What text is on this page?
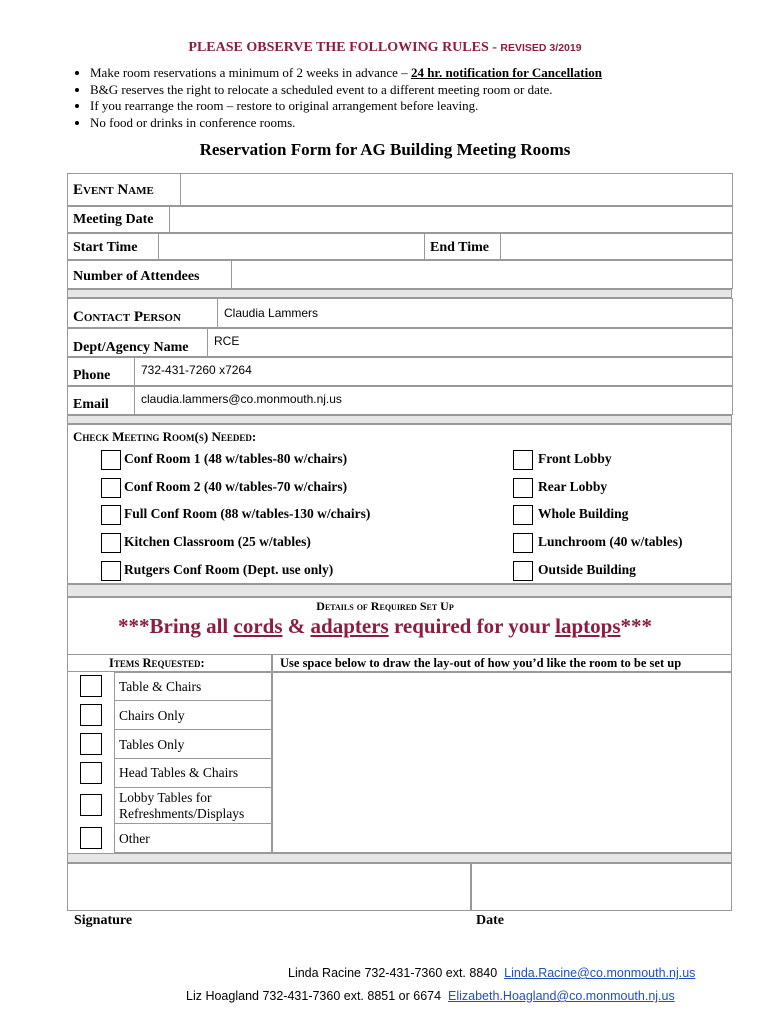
PLEASE OBSERVE THE FOLLOWING RULES - REVISED 3/2019
• Make room reservations a minimum of 2 weeks in advance – 24 hr. notification for Cancellation
• B&G reserves the right to relocate a scheduled event to a different meeting room or date.
• If you rearrange the room – restore to original arrangement before leaving.
• No food or drinks in conference rooms.
Reservation Form for AG Building Meeting Rooms
Event Name
Meeting Date
Start Time	End Time
Number of Attendees
Contact Person	Claudia Lammers
Dept/Agency Name RCE
Phone	732-431-7260 x7264
Email	claudia.lammers@co.monmouth.nj.us
Check Meeting Room(s) Needed:
Conf Room 1 (48 w/tables-80 w/chairs)
Conf Room 2 (40 w/tables-70 w/chairs)
Full Conf Room (88 w/tables-130 w/chairs)
Kitchen Classroom (25 w/tables)
Rutgers Conf Room (Dept. use only)
Front Lobby
Rear Lobby
Whole Building
Lunchroom (40 w/tables)
Outside Building
Details of Required Set Up
***Bring all cords & adapters required for your laptops***
Items Requested:	Use space below to draw the lay-out of how you’d like the room to be set up
Table & Chairs
Chairs Only
Tables Only
Head Tables & Chairs
Lobby Tables for
Refreshments/Displays
Other
Signature	Date
Linda Racine 732-431-7360 ext. 8840 Linda.Racine@co.monmouth.nj.us
Liz Hoagland 732-431-7360 ext. 8851 or 6674 Elizabeth.Hoagland@co.monmouth.nj.us
